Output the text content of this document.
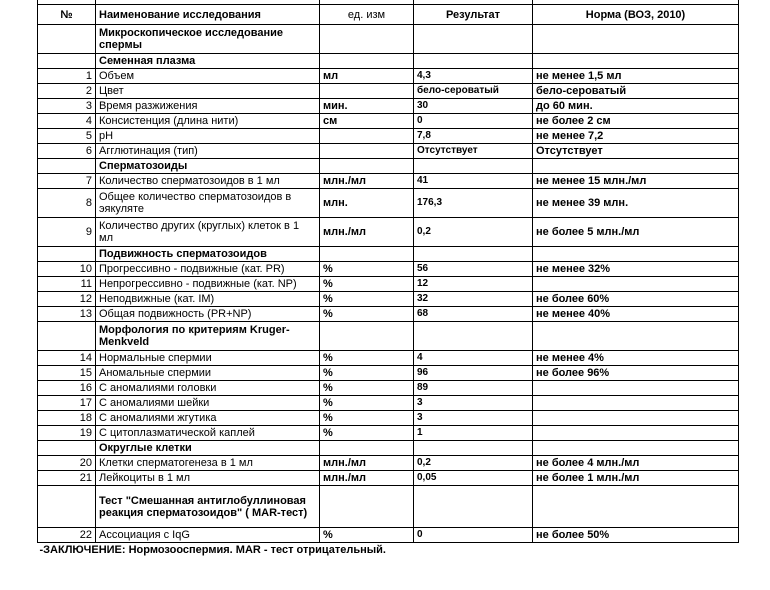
№	Наименование исследования	ед. изм	Результат	Норма (ВОЗ, 2010)
	Микроскопическое исследование спермы			
	Семенная плазма			
1	Объем	мл	4,3	не менее 1,5 мл
2	Цвет		бело-сероватый	бело-сероватый
3	Время разжижения	мин.	30	до 60 мин.
4	Консистенция (длина нити)	см	0	не более 2 см
5	pH		7,8	не менее 7,2
6	Агглютинация (тип)		Отсутствует	Отсутствует
	Сперматозоиды			
7	Количество сперматозоидов в 1 мл	млн./мл	41	не менее 15 млн./мл
8	Общее количество сперматозоидов в эякуляте	млн.	176,3	не менее 39 млн.
9	Количество других (круглых) клеток в 1 мл	млн./мл	0,2	не более 5 млн./мл
	Подвижность сперматозоидов			
10	Прогрессивно - подвижные (кат. PR)	%	56	не менее 32%
11	Непрогрессивно - подвижные (кат. NP)	%	12	
12	Неподвижные (кат. IM)	%	32	не более 60%
13	Общая подвижность (PR+NP)	%	68	не менее 40%
	Морфология по критериям Kruger-Menkveld			
14	Нормальные спермии	%	4	не менее 4%
15	Аномальные спермии	%	96	не более 96%
16	С аномалиями головки	%	89	
17	С аномалиями шейки	%	3	
18	С аномалиями жгутика	%	3	
19	С цитоплазматической каплей	%	1	
	Округлые клетки			
20	Клетки сперматогенеза в 1 мл	млн./мл	0,2	не более 4 млн./мл
21	Лейкоциты в 1 мл	млн./мл	0,05	не более 1 млн./мл
	Тест "Смешанная антиглобуллиновая реакция сперматозоидов" ( MAR-тест)			
22	Ассоциация с IqG	%	0	не более 50%
-ЗАКЛЮЧЕНИЕ: Нормозооспермия. MAR - тест отрицательный.				
